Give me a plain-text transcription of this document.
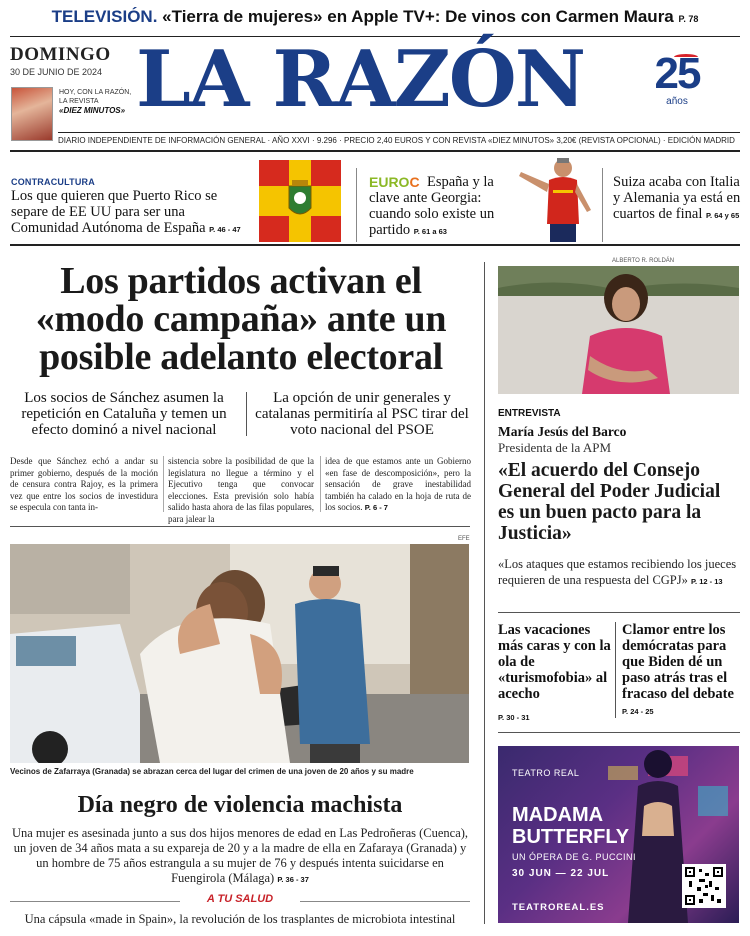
TELEVISIÓN. «Tierra de mujeres» en Apple TV+: De vinos con Carmen Maura P. 78
DOMINGO
30 DE JUNIO DE 2024
HOY, CON LA RAZÓN,
LA REVISTA
«DIEZ MINUTOS» LA RAZÓN 25
años
DIARIO INDEPENDIENTE DE INFORMACIÓN GENERAL · AÑO XXVI · 9.296 · PRECIO 2,40 EUROS Y CON REVISTA «DIEZ MINUTOS» 3,20€ (REVISTA OPCIONAL) · EDICIÓN MADRID
CONTRACULTURA
Los que quieren que Puerto Rico se separe de EE UU para ser una Comunidad Autónoma de España P. 46 - 47
EUROC España y la clave ante Georgia: cuando solo existe un partido P. 61 a 63
Suiza acaba con Italia y Alemania ya está en cuartos de final P. 64 y 65
Los partidos activan el «modo campaña» ante un posible adelanto electoral
Los socios de Sánchez asumen la repetición en Cataluña y temen un efecto dominó a nivel nacional
La opción de unir generales y catalanas permitiría al PSC tirar del voto nacional del PSOE
Desde que Sánchez echó a andar su primer gobierno, después de la moción de censura contra Rajoy, es la primera vez que entre los socios de investidura se especula con tanta in-
sistencia sobre la posibilidad de que la legislatura no llegue a término y el Ejecutivo tenga que convocar elecciones. Esta previsión solo había salido hasta ahora de las filas populares, para jalear la
idea de que estamos ante un Gobierno «en fase de descomposición», pero la sensación de grave inestabilidad también ha calado en la hoja de ruta de los socios. P. 6 - 7
EFE
Vecinos de Zafarraya (Granada) se abrazan cerca del lugar del crimen de una joven de 20 años y su madre
Día negro de violencia machista
Una mujer es asesinada junto a sus dos hijos menores de edad en Las Pedroñeras (Cuenca), un joven de 34 años mata a su expareja de 20 y a la madre de ella en Zafaraya (Granada) y un hombre de 75 años estrangula a su mujer de 76 y después intenta suicidarse en Fuengirola (Málaga) P. 36 - 37
A TU SALUD
Una cápsula «made in Spain», la revolución de los trasplantes de microbiota intestinal
ALBERTO R. ROLDÁN
ENTREVISTA
María Jesús del Barco
Presidenta de la APM
«El acuerdo del Consejo General del Poder Judicial es un buen pacto para la Justicia»
«Los ataques que estamos recibiendo los jueces requieren de una respuesta del CGPJ» P. 12 - 13
Las vacaciones más caras y con la ola de «turismofobia» al acecho
P. 30 - 31
Clamor entre los demócratas para que Biden dé un paso atrás tras el fracaso del debate P. 24 - 25
TEATRO REAL
MADAMA
BUTTERFLY
UN ÓPERA DE G. PUCCINI
30 JUN — 22 JUL
TEATROREAL.ES
